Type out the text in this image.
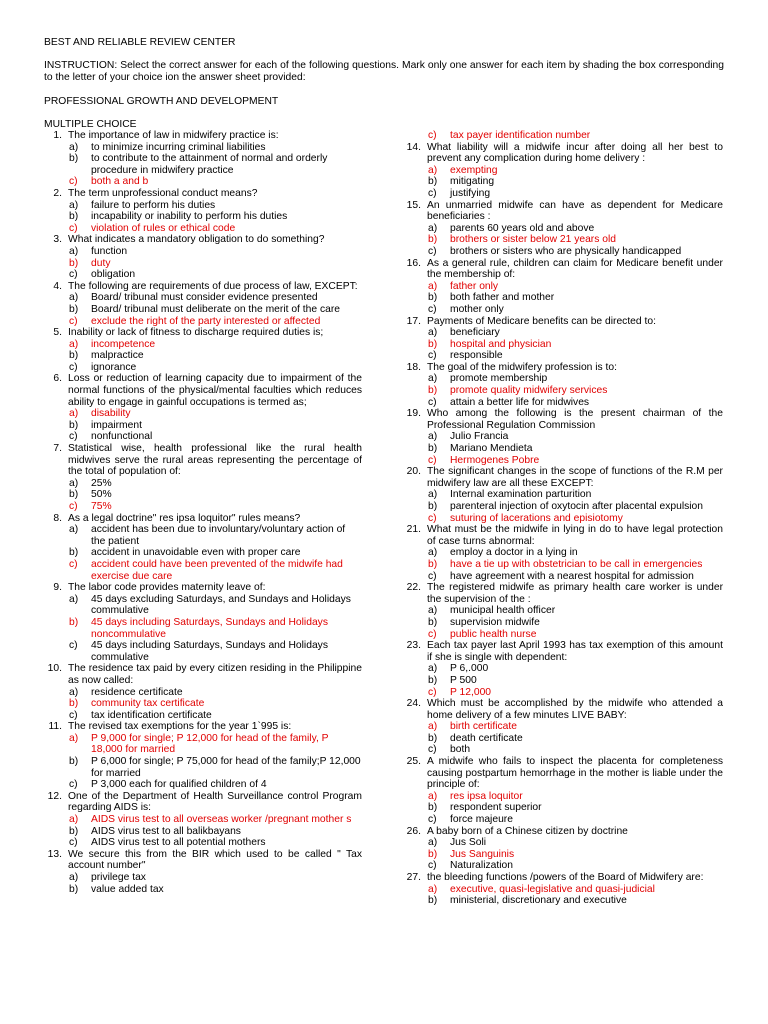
BEST AND RELIABLE REVIEW CENTER
INSTRUCTION: Select the correct answer for each of the following questions. Mark only one answer for each item by shading the box corresponding to the letter of your choice ion the answer sheet provided:
PROFESSIONAL GROWTH AND DEVELOPMENT
MULTIPLE CHOICE
1. The importance of law in midwifery practice is:
a) to minimize incurring criminal liabilities
b) to contribute to the attainment of normal and orderly procedure in midwifery practice
c) both a and b
2. The term unprofessional conduct means?
a) failure to perform his duties
b) incapability or inability to perform his duties
c) violation of rules or ethical code
3. What indicates a mandatory obligation to do something?
a) function
b) duty
c) obligation
4. The following are requirements of due process of law, EXCEPT:
a) Board/ tribunal must consider evidence presented
b) Board/ tribunal must deliberate on the merit of the care
c) exclude the right of the party interested or affected
5. Inability or lack of fitness to discharge required duties is;
a) incompetence
b) malpractice
c) ignorance
6. Loss or reduction of learning capacity due to impairment of the normal functions of the physical/mental faculties which reduces ability to engage in gainful occupations is termed as;
a) disability
b) impairment
c) nonfunctional
7. Statistical wise, health professional like the rural health midwives serve the rural areas representing the percentage of the total of population of:
a) 25%
b) 50%
c) 75%
8. As a legal doctrine" res ipsa loquitor" rules means?
a) accident has been due to involuntary/voluntary action of the patient
b) accident in unavoidable even with proper care
c) accident could have been prevented of the midwife had exercise due care
9. The labor code provides maternity leave of:
a) 45 days excluding Saturdays, and Sundays and Holidays commulative
b) 45 days including Saturdays, Sundays and Holidays noncommulative
c) 45 days including Saturdays, Sundays and Holidays commulative
10. The residence tax paid by every citizen residing in the Philippine as now called:
a) residence certificate
b) community tax certificate
c) tax identification certificate
11. The revised tax exemptions for the year 1`995 is:
a) P 9,000 for single; P 12,000 for head of the family, P 18,000 for married
b) P 6,000 for single; P 75,000 for head of the family;P 12,000 for married
c) P 3,000 each for qualified children of 4
12. One of the Department of Health Surveillance control Program regarding AIDS is:
a) AIDS virus test to all overseas worker /pregnant mother s
b) AIDS virus test to all balikbayans
c) AIDS virus test to all potential mothers
13. We secure this from the BIR which used to be called " Tax account number"
a) privilege tax
b) value added tax
c) tax payer identification number
14. What liability will a midwife incur after doing all her best to prevent any complication during home delivery :
a) exempting
b) mitigating
c) justifying
15. An unmarried midwife can have as dependent for Medicare beneficiaries :
a) parents 60 years old and above
b) brothers or sister below 21 years old
c) brothers or sisters who are physically handicapped
16. As a general rule, children can claim for Medicare benefit under the membership of:
a) father only
b) both father and mother
c) mother only
17. Payments of Medicare benefits can be directed to:
a) beneficiary
b) hospital and physician
c) responsible
18. The goal of the midwifery profession is to:
a) promote membership
b) promote quality midwifery services
c) attain a better life for midwives
19. Who among the following is the present chairman of the Professional Regulation Commission
a) Julio Francia
b) Mariano Mendieta
c) Hermogenes Pobre
20. The significant changes in the scope of functions of the R.M per midwifery law are all these EXCEPT:
a) Internal examination parturition
b) parenteral injection of oxytocin after placental expulsion
c) suturing of lacerations and episiotomy
21. What must be the midwife in lying in do to have legal protection of case turns abnormal:
a) employ a doctor in a lying in
b) have a tie up with obstetrician to be call in emergencies
c) have agreement with a nearest hospital for admission
22. The registered midwife as primary health care worker is under the supervision of the :
a) municipal health officer
b) supervision midwife
c) public health nurse
23. Each tax payer last April 1993 has tax exemption of this amount if she is single with dependent:
a) P 6,.000
b) P 500
c) P 12,000
24. Which must be accomplished by the midwife who attended a home delivery of a few minutes LIVE BABY:
a) birth certificate
b) death certificate
c) both
25. A midwife who fails to inspect the placenta for completeness causing postpartum hemorrhage in the mother is liable under the principle of:
a) res ipsa loquitor
b) respondent superior
c) force majeure
26. A baby born of a Chinese citizen by doctrine
a) Jus Soli
b) Jus Sanguinis
c) Naturalization
27. the bleeding functions /powers of the Board of Midwifery are:
a) executive, quasi-legislative and quasi-judicial
b) ministerial, discretionary and executive
